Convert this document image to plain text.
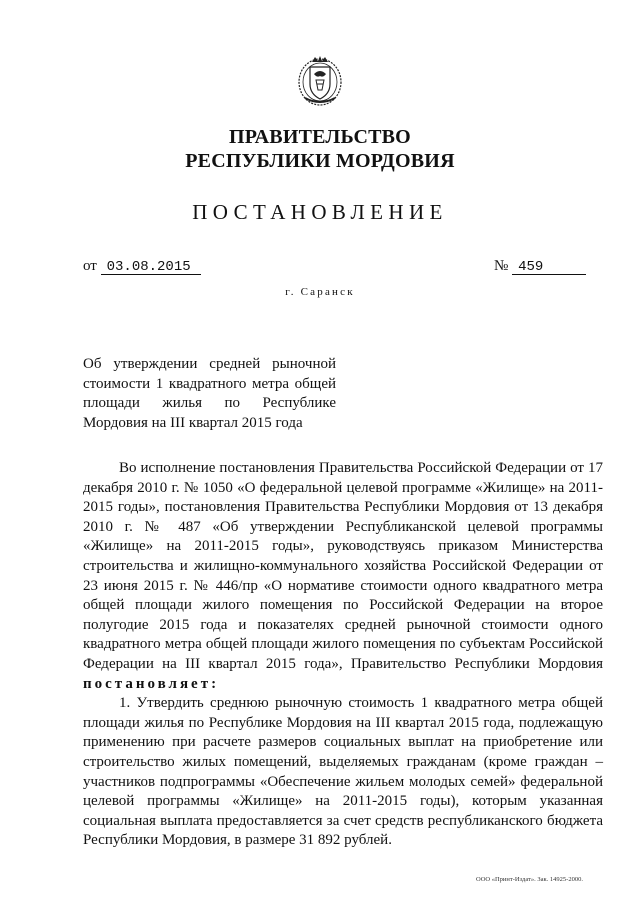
ПРАВИТЕЛЬСТВО
РЕСПУБЛИКИ МОРДОВИЯ
ПОСТАНОВЛЕНИЕ
от 03.08.2015	№ 459
г. Саранск
Об утверждении средней рыночной стоимости 1 квадратного метра общей площади жилья по Республике Мордовия на III квартал 2015 года

Во исполнение постановления Правительства Российской Федерации от 17 декабря 2010 г. № 1050 «О федеральной целевой программе «Жилище» на 2011-2015 годы», постановления Правительства Республики Мордовия от 13 декабря 2010 г. № 487 «Об утверждении Республиканской целевой программы «Жилище» на 2011-2015 годы», руководствуясь приказом Министерства строительства и жилищно-коммунального хозяйства Российской Федерации от 23 июня 2015 г. № 446/пр «О нормативе стоимости одного квадратного метра общей площади жилого помещения по Российской Федерации на второе полугодие 2015 года и показателях средней рыночной стоимости одного квадратного метра общей площади жилого помещения по субъектам Российской Федерации на III квартал 2015 года», Правительство Республики Мордовия постановляет:

1. Утвердить среднюю рыночную стоимость 1 квадратного метра общей площади жилья по Республике Мордовия на III квартал 2015 года, подлежащую применению при расчете размеров социальных выплат на приобретение или строительство жилых помещений, выделяемых гражданам (кроме граждан – участников подпрограммы «Обеспечение жильем молодых семей» федеральной целевой программы «Жилище» на 2011-2015 годы), которым указанная социальная выплата предоставляется за счет средств республиканского бюджета Республики Мордовия, в размере 31 892 рублей.

ООО «Принт-Издат». Зак. 14925-2000.
